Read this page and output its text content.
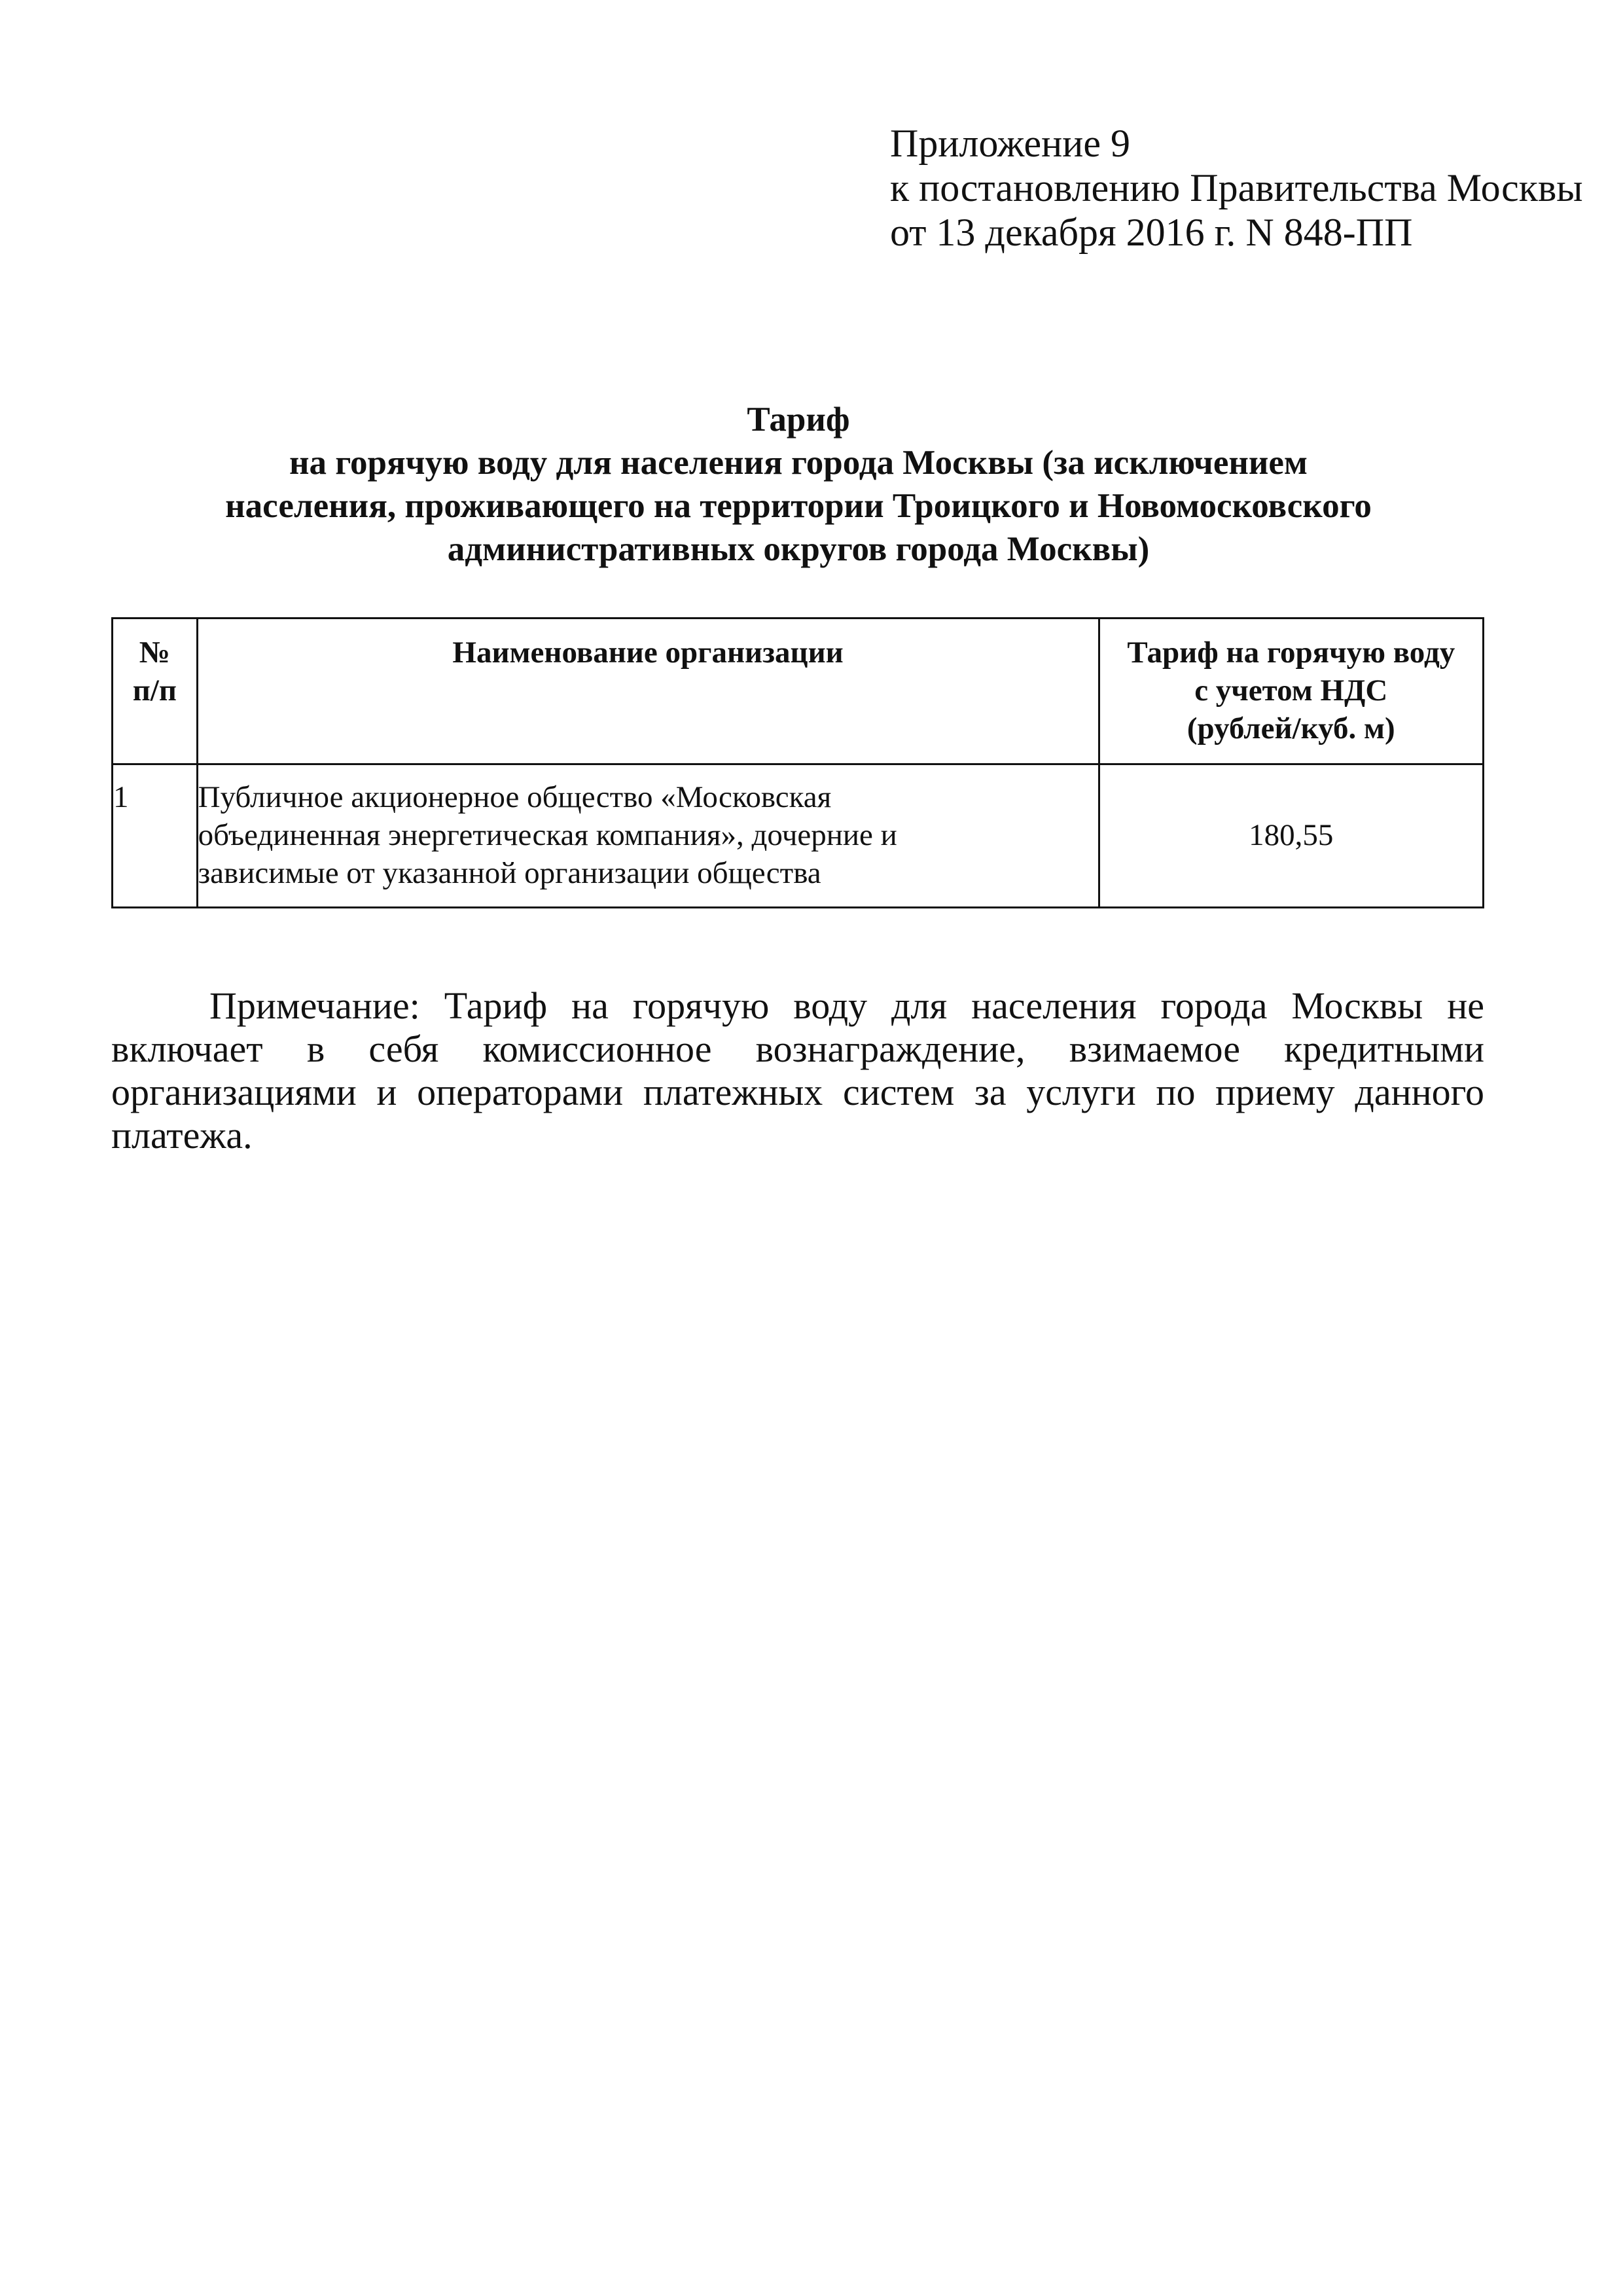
Приложение 9
к постановлению Правительства Москвы
от 13 декабря 2016 г. N 848-ПП
Тариф
на горячую воду для населения города Москвы (за исключением
населения, проживающего на территории Троицкого и Новомосковского
административных округов города Москвы)
№
п/п	Наименование организации	Тариф на горячую воду
с учетом НДС
(рублей/куб. м)

1	Публичное акционерное общество «Московская
объединенная энергетическая компания», дочерние и
зависимые от указанной организации общества	180,55

Примечание: Тариф на горячую воду для населения города Москвы не включает в себя комиссионное вознаграждение, взимаемое кредитными организациями и операторами платежных систем за услуги по приему данного платежа.
